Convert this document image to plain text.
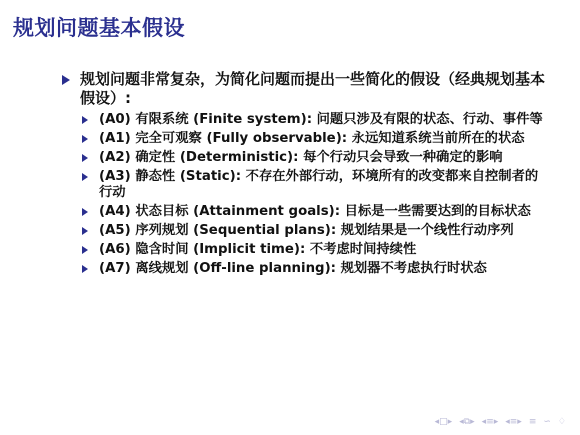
规划问题基本假设
规划问题非常复杂，为简化问题而提出一些简化的假设（经典规划基本假设）:
(A0) 有限系统 (Finite system): 问题只涉及有限的状态、行动、事件等
(A1) 完全可观察 (Fully observable): 永远知道系统当前所在的状态
(A2) 确定性 (Deterministic): 每个行动只会导致一种确定的影响
(A3) 静态性 (Static): 不存在外部行动，环境所有的改变都来自控制者的行动
(A4) 状态目标 (Attainment goals): 目标是一些需要达到的目标状态
(A5) 序列规划 (Sequential plans): 规划结果是一个线性行动序列
(A6) 隐含时间 (Implicit time): 不考虑时间持续性
(A7) 离线规划 (Off-line planning): 规划器不考虑执行时状态
◂□▸ ◂⧉▸ ◂≡▸ ◂≡▸ ≡ ∽ ♢
